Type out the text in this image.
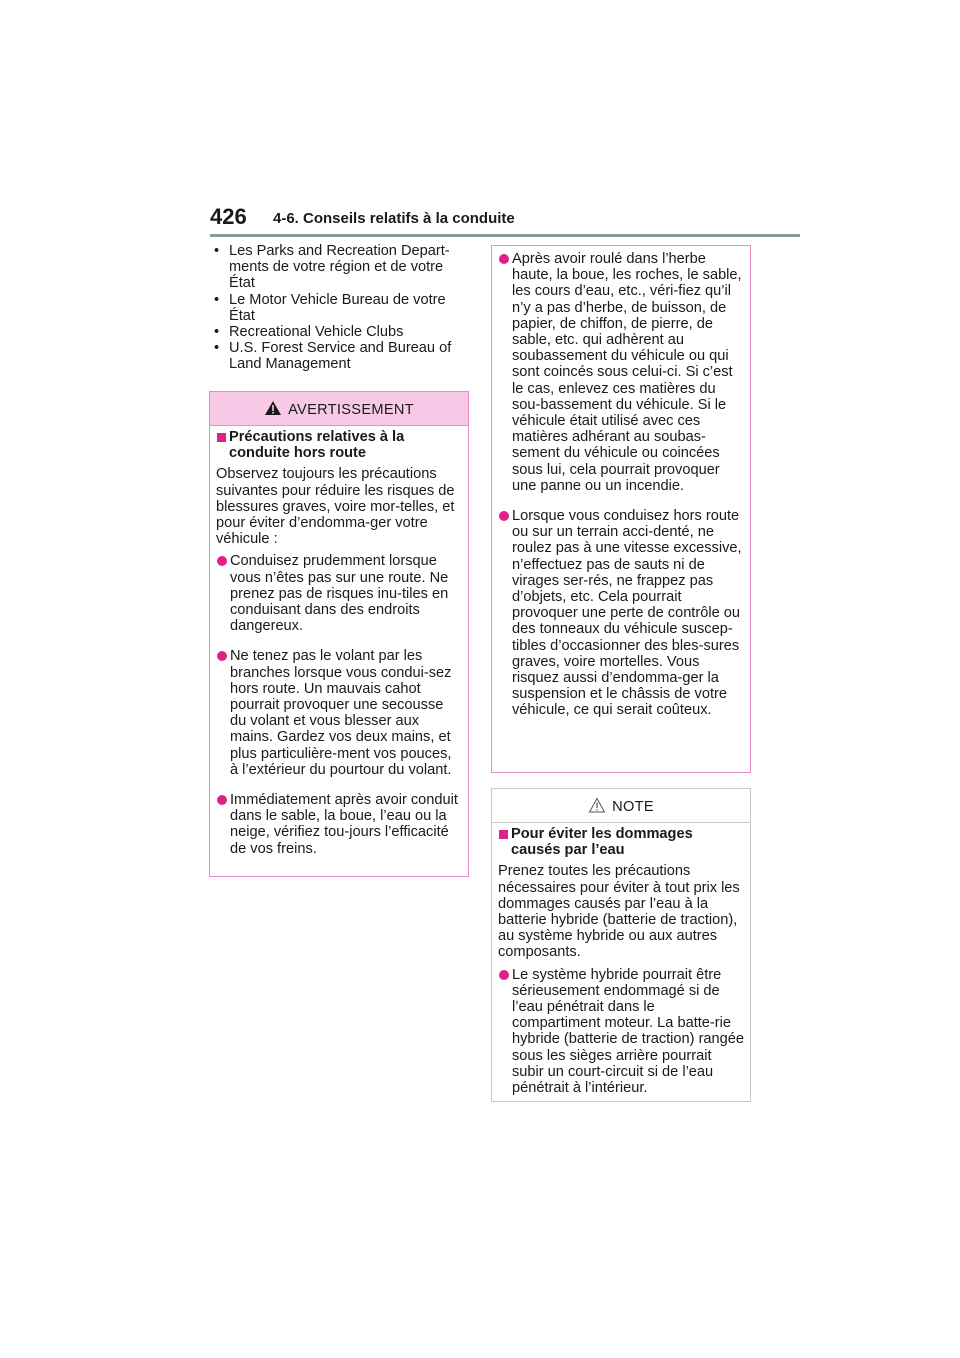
426 4-6. Conseils relatifs à la conduite
• Les Parks and Recreation Depart-ments de votre région et de votre État
• Le Motor Vehicle Bureau de votre État
• Recreational Vehicle Clubs
• U.S. Forest Service and Bureau of Land Management
AVERTISSEMENT
Précautions relatives à la conduite hors route
Observez toujours les précautions suivantes pour réduire les risques de blessures graves, voire mor-telles, et pour éviter d’endomma-ger votre véhicule :
Conduisez prudemment lorsque vous n’êtes pas sur une route. Ne prenez pas de risques inu-tiles en conduisant dans des endroits dangereux.
Ne tenez pas le volant par les branches lorsque vous condui-sez hors route. Un mauvais cahot pourrait provoquer une secousse du volant et vous blesser aux mains. Gardez vos deux mains, et plus particulière-ment vos pouces, à l’extérieur du pourtour du volant.
Immédiatement après avoir conduit dans le sable, la boue, l’eau ou la neige, vérifiez tou-jours l’efficacité de vos freins.
Après avoir roulé dans l’herbe haute, la boue, les roches, le sable, les cours d’eau, etc., véri-fiez qu’il n’y a pas d’herbe, de buisson, de papier, de chiffon, de pierre, de sable, etc. qui adhèrent au soubassement du véhicule ou qui sont coincés sous celui-ci. Si c’est le cas, enlevez ces matières du sou-bassement du véhicule. Si le véhicule était utilisé avec ces matières adhérant au soubas-sement du véhicule ou coincées sous lui, cela pourrait provoquer une panne ou un incendie.
Lorsque vous conduisez hors route ou sur un terrain acci-denté, ne roulez pas à une vitesse excessive, n’effectuez pas de sauts ni de virages ser-rés, ne frappez pas d’objets, etc. Cela pourrait provoquer une perte de contrôle ou des tonneaux du véhicule suscep-tibles d’occasionner des bles-sures graves, voire mortelles. Vous risquez aussi d’endomma-ger la suspension et le châssis de votre véhicule, ce qui serait coûteux.
NOTE
Pour éviter les dommages causés par l’eau
Prenez toutes les précautions nécessaires pour éviter à tout prix les dommages causés par l’eau à la batterie hybride (batterie de traction), au système hybride ou aux autres composants.
Le système hybride pourrait être sérieusement endommagé si de l’eau pénétrait dans le compartiment moteur. La batte-rie hybride (batterie de traction) rangée sous les sièges arrière pourrait subir un court-circuit si de l’eau pénétrait à l’intérieur.
